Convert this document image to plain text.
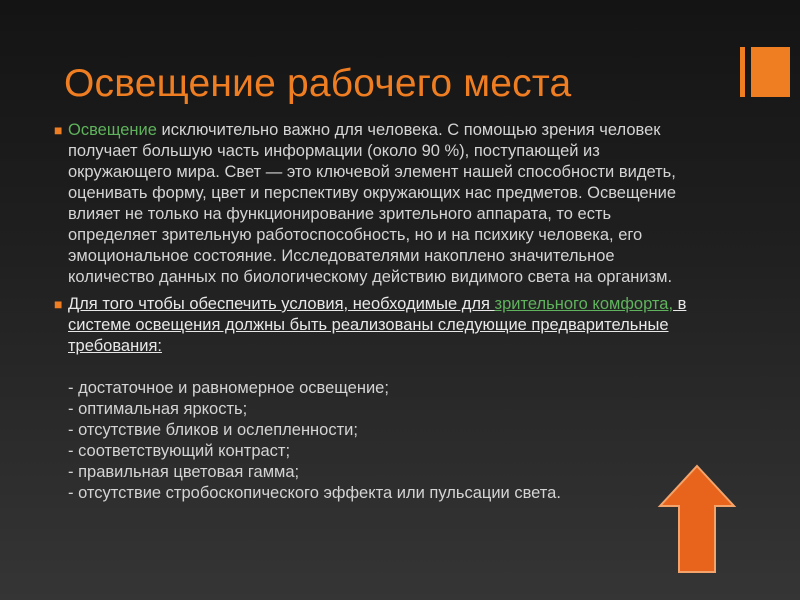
Освещение рабочего места
■ Освещение исключительно важно для человека. С помощью зрения человек получает большую часть информации (около 90 %), поступающей из окружающего мира. Свет — это ключевой элемент нашей способности видеть, оценивать форму, цвет и перспективу окружающих нас предметов. Освещение влияет не только на функционирование зрительного аппарата, то есть определяет зрительную работоспособность, но и на психику человека, его эмоциональное состояние. Исследователями накоплено значительное количество данных по биологическому действию видимого света на организм.
■ Для того чтобы обеспечить условия, необходимые для зрительного комфорта, в системе освещения должны быть реализованы следующие предварительные требования:
- достаточное и равномерное освещение;
- оптимальная яркость;
- отсутствие бликов и ослепленности;
- соответствующий контраст;
- правильная цветовая гамма;
- отсутствие стробоскопического эффекта или пульсации света.
